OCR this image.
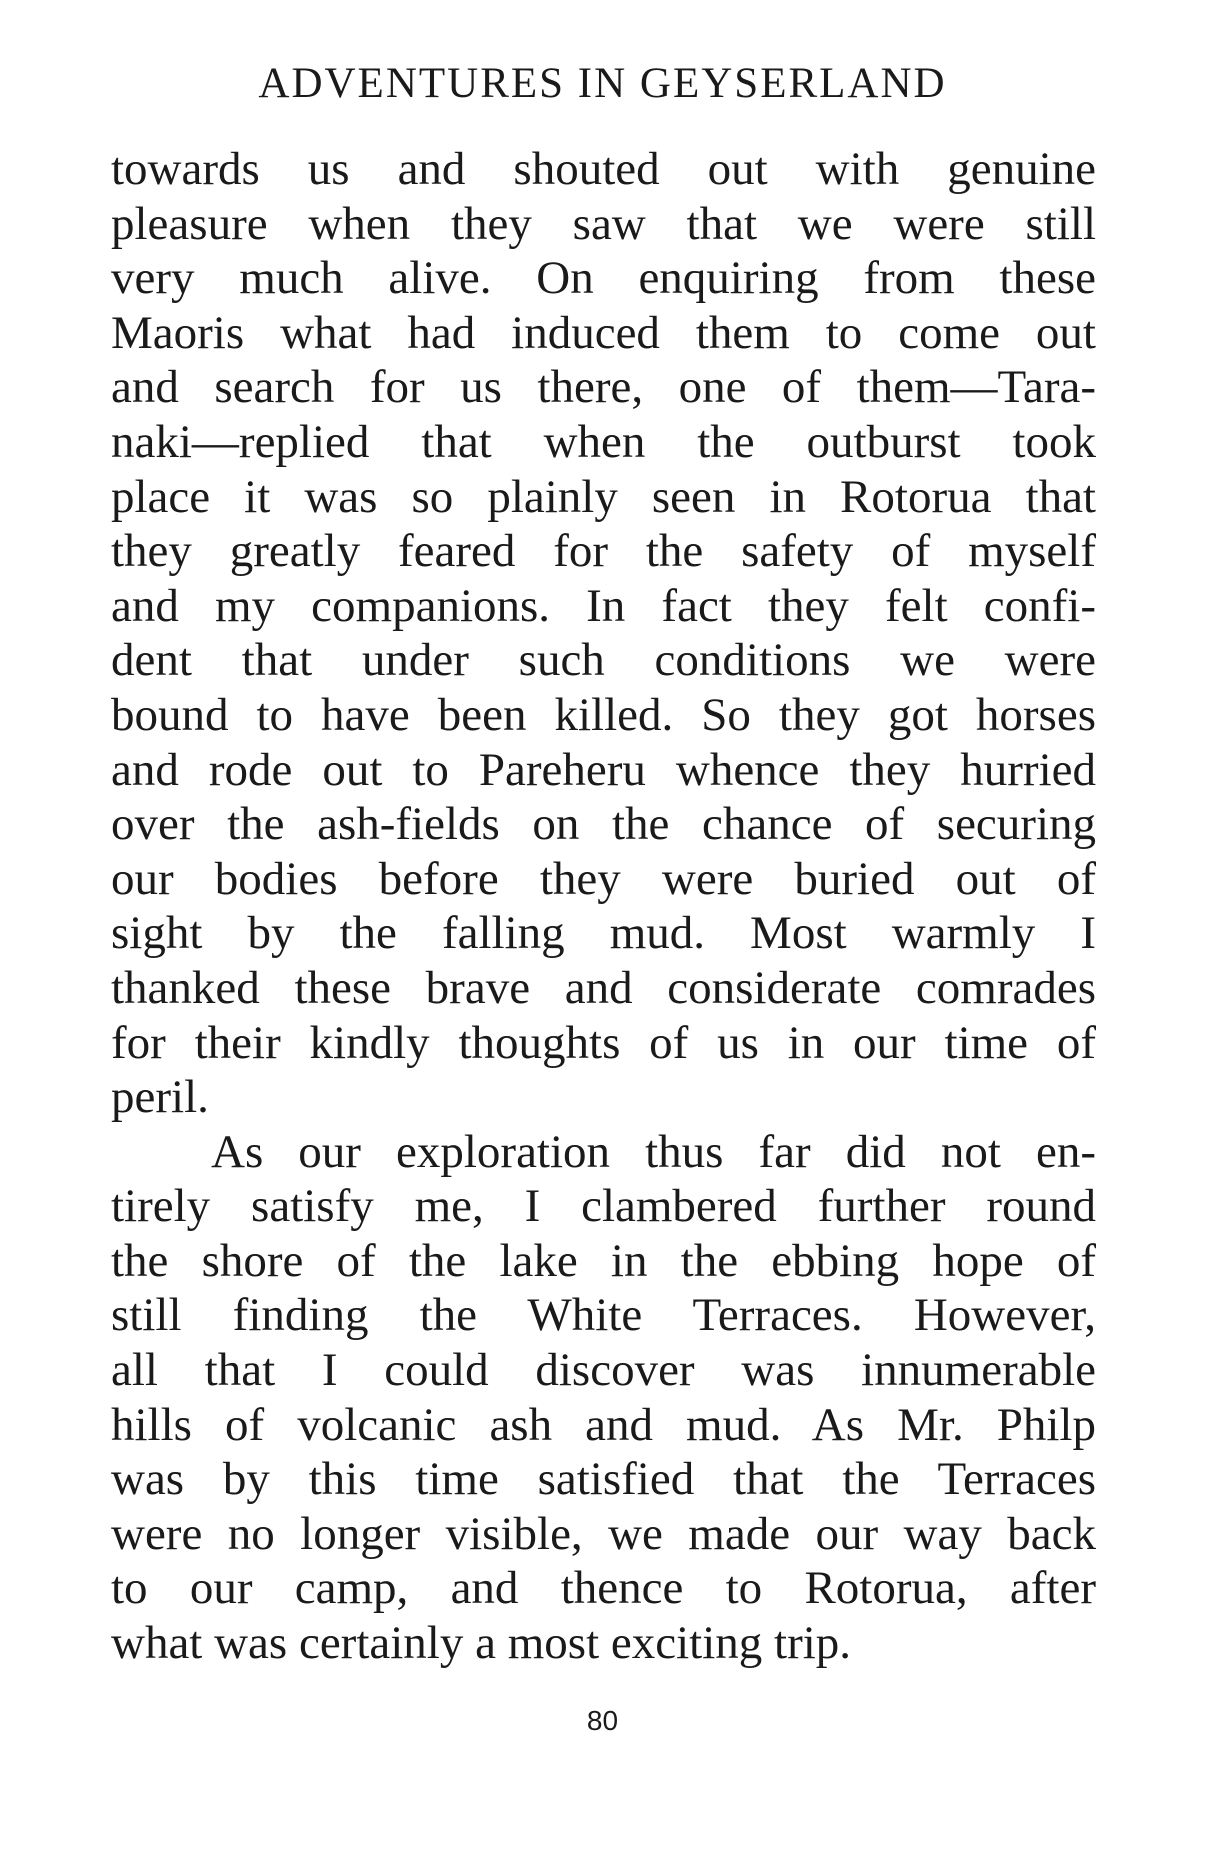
ADVENTURES IN GEYSERLAND
towards us and shouted out with genuine
pleasure when they saw that we were still
very much alive. On enquiring from these
Maoris what had induced them to come out
and search for us there, one of them—Tara-
naki—replied that when the outburst took
place it was so plainly seen in Rotorua that
they greatly feared for the safety of myself
and my companions. In fact they felt confi-
dent that under such conditions we were
bound to have been killed. So they got horses
and rode out to Pareheru whence they hurried
over the ash-fields on the chance of securing
our bodies before they were buried out of
sight by the falling mud. Most warmly I
thanked these brave and considerate comrades
for their kindly thoughts of us in our time of
peril.
As our exploration thus far did not en-
tirely satisfy me, I clambered further round
the shore of the lake in the ebbing hope of
still finding the White Terraces. However,
all that I could discover was innumerable
hills of volcanic ash and mud. As Mr. Philp
was by this time satisfied that the Terraces
were no longer visible, we made our way back
to our camp, and thence to Rotorua, after
what was certainly a most exciting trip.
80
